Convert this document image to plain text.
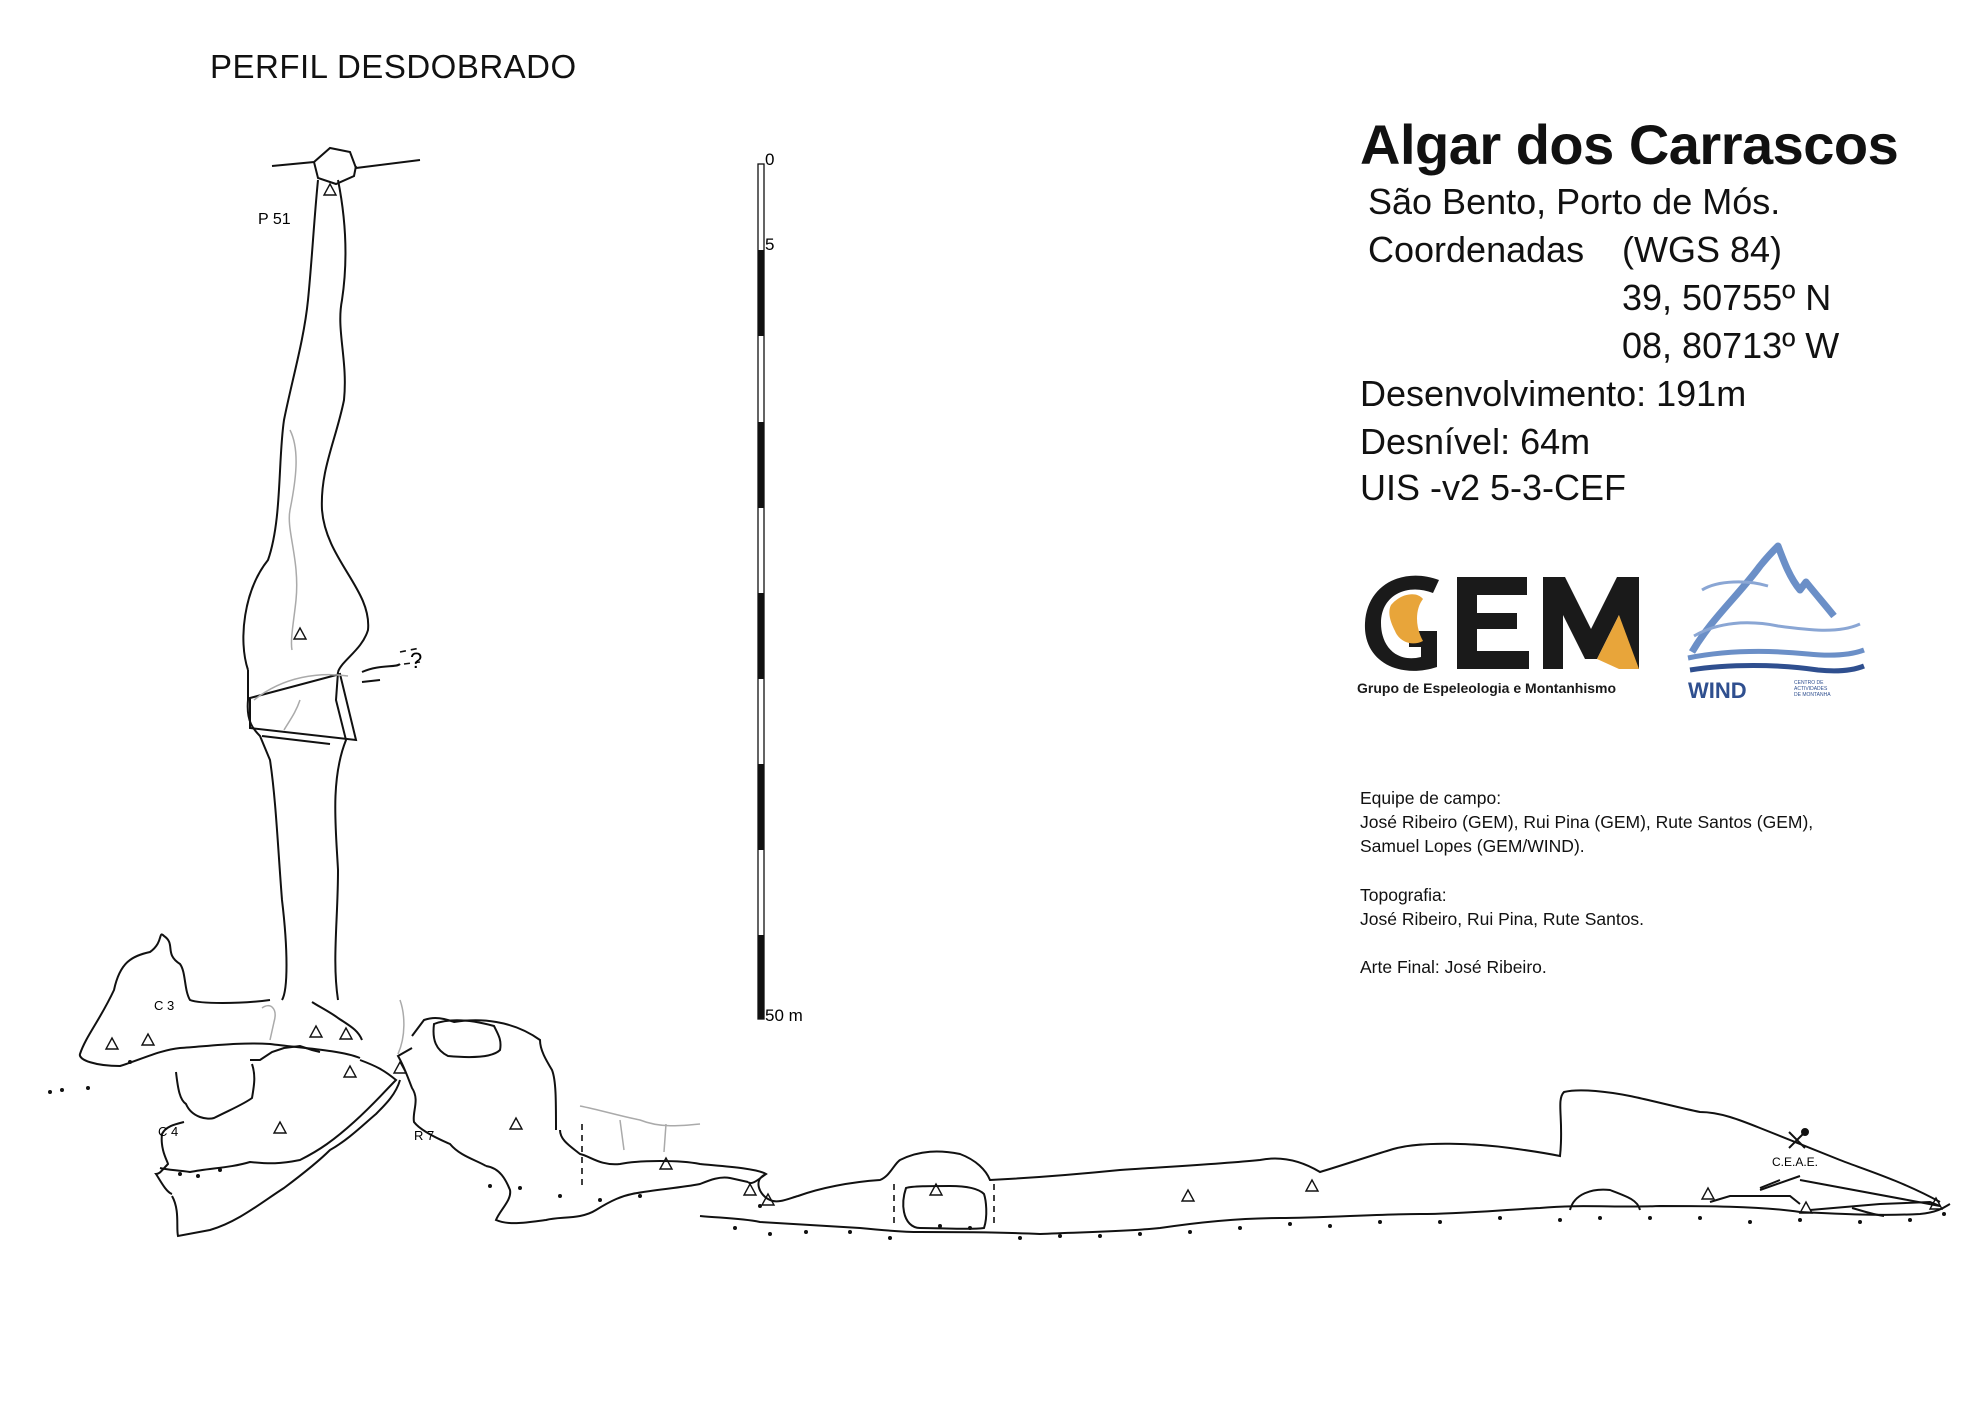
PERFIL DESDOBRADO
Algar dos Carrascos
São Bento, Porto de Mós.
Coordenadas (WGS 84)
39, 50755º N
08, 80713º W
Desenvolvimento: 191m
Desnível: 64m
UIS -v2 5-3-CEF
Equipe de campo:
José Ribeiro (GEM), Rui Pina (GEM), Rute Santos (GEM),
Samuel Lopes (GEM/WIND).
Topografia:
José Ribeiro, Rui Pina, Rute Santos.
Arte Final: José Ribeiro.
0
5
50 m
?
P 51
C 3
C 4	R 7
C.E.A.E.
Grupo de Espeleologia e Montanhismo	WIND	CENTRO DE
ACTIVIDADES
DE MONTANHA
